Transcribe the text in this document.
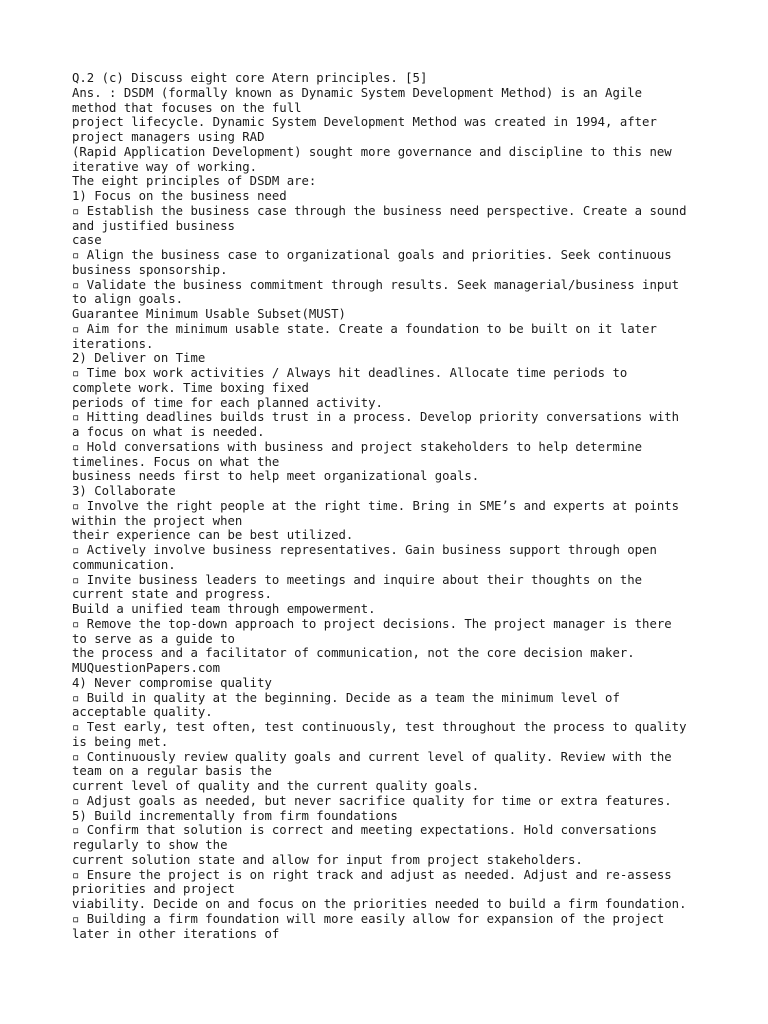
Q.2 (c) Discuss eight core Atern principles. [5]
Ans. : DSDM (formally known as Dynamic System Development Method) is an Agile
method that focuses on the full
project lifecycle. Dynamic System Development Method was created in 1994, after
project managers using RAD
(Rapid Application Development) sought more governance and discipline to this new
iterative way of working.
The eight principles of DSDM are:
1) Focus on the business need
▫ Establish the business case through the business need perspective. Create a sound
and justified business
case
▫ Align the business case to organizational goals and priorities. Seek continuous
business sponsorship.
▫ Validate the business commitment through results. Seek managerial/business input
to align goals.
Guarantee Minimum Usable Subset(MUST)
▫ Aim for the minimum usable state. Create a foundation to be built on it later
iterations.
2) Deliver on Time
▫ Time box work activities / Always hit deadlines. Allocate time periods to
complete work. Time boxing fixed
periods of time for each planned activity.
▫ Hitting deadlines builds trust in a process. Develop priority conversations with
a focus on what is needed.
▫ Hold conversations with business and project stakeholders to help determine
timelines. Focus on what the
business needs first to help meet organizational goals.
3) Collaborate
▫ Involve the right people at the right time. Bring in SME’s and experts at points
within the project when
their experience can be best utilized.
▫ Actively involve business representatives. Gain business support through open
communication.
▫ Invite business leaders to meetings and inquire about their thoughts on the
current state and progress.
Build a unified team through empowerment.
▫ Remove the top-down approach to project decisions. The project manager is there
to serve as a guide to
the process and a facilitator of communication, not the core decision maker.
MUQuestionPapers.com
4) Never compromise quality
▫ Build in quality at the beginning. Decide as a team the minimum level of
acceptable quality.
▫ Test early, test often, test continuously, test throughout the process to quality
is being met.
▫ Continuously review quality goals and current level of quality. Review with the
team on a regular basis the
current level of quality and the current quality goals.
▫ Adjust goals as needed, but never sacrifice quality for time or extra features.
5) Build incrementally from firm foundations
▫ Confirm that solution is correct and meeting expectations. Hold conversations
regularly to show the
current solution state and allow for input from project stakeholders.
▫ Ensure the project is on right track and adjust as needed. Adjust and re-assess
priorities and project
viability. Decide on and focus on the priorities needed to build a firm foundation.
▫ Building a firm foundation will more easily allow for expansion of the project
later in other iterations of
